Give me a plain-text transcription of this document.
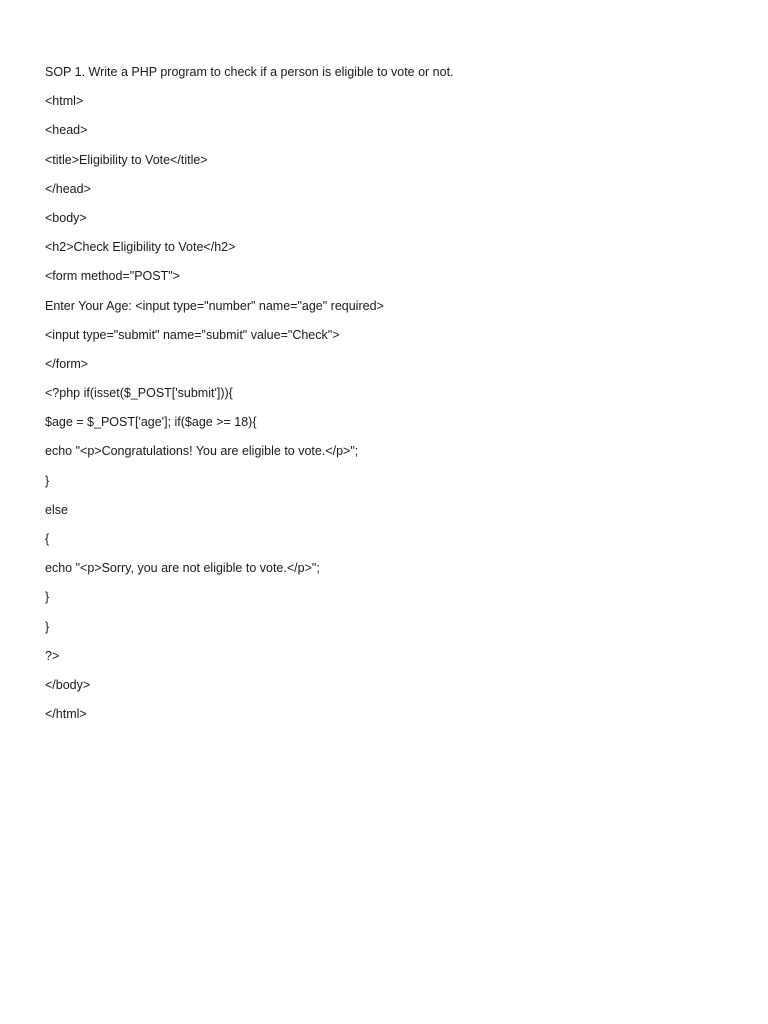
SOP 1. Write a PHP program to check if a person is eligible to vote or not.
<html>
<head>
<title>Eligibility to Vote</title>
</head>
<body>
<h2>Check Eligibility to Vote</h2>
<form method="POST">
Enter Your Age: <input type="number" name="age" required>
<input type="submit" name="submit" value="Check">
</form>
<?php if(isset($_POST['submit'])){
$age = $_POST['age']; if($age >= 18){
echo "<p>Congratulations! You are eligible to vote.</p>";
}
else
{
echo "<p>Sorry, you are not eligible to vote.</p>";
}
}
?>
</body>
</html>
